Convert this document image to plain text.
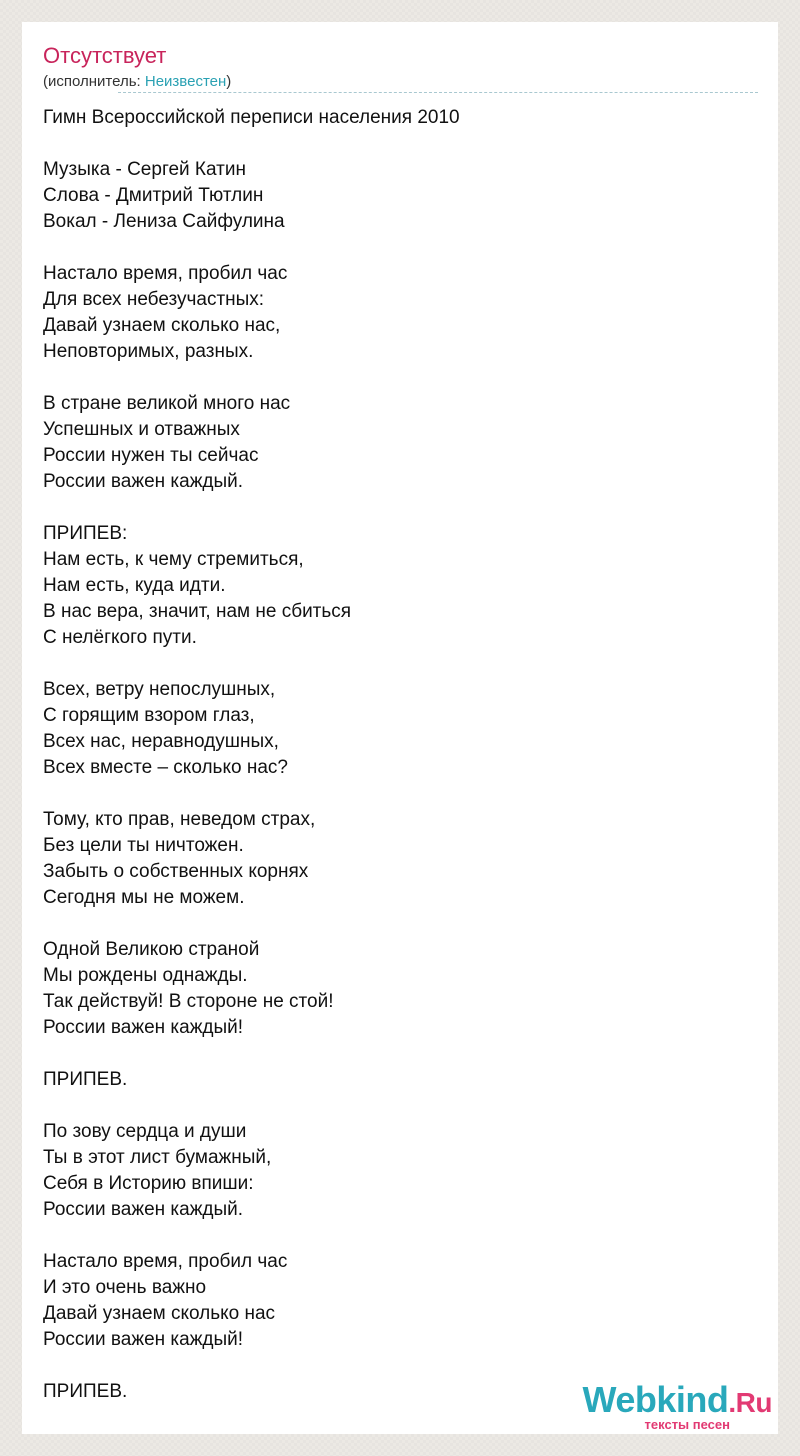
Отсутствует
(исполнитель: Неизвестен)
Гимн Всероссийской переписи населения 2010

Музыка - Сергей Катин
Слова - Дмитрий Тютлин
Вокал - Лениза Сайфулина

Настало время, пробил час
Для всех небезучастных:
Давай узнаем сколько нас,
Неповторимых, разных.

В стране великой много нас
Успешных и отважных
России нужен ты сейчас
России важен каждый.

ПРИПЕВ:
Нам есть, к чему стремиться,
Нам есть, куда идти.
В нас вера, значит, нам не сбиться
С нелёгкого пути.

Всех, ветру непослушных,
С горящим взором глаз,
Всех нас, неравнодушных,
Всех вместе – сколько нас?

Тому, кто прав, неведом страх,
Без цели ты ничтожен.
Забыть о собственных корнях
Сегодня мы не можем.

Одной Великою страной
Мы рождены однажды.
Так действуй! В стороне не стой!
России важен каждый!

ПРИПЕВ.

По зову сердца и души
Ты в этот лист бумажный,
Себя в Историю впиши:
России важен каждый.

Настало время, пробил час
И это очень важно
Давай узнаем сколько нас
России важен каждый!

ПРИПЕВ.	Webkind.Ru
тексты песен
